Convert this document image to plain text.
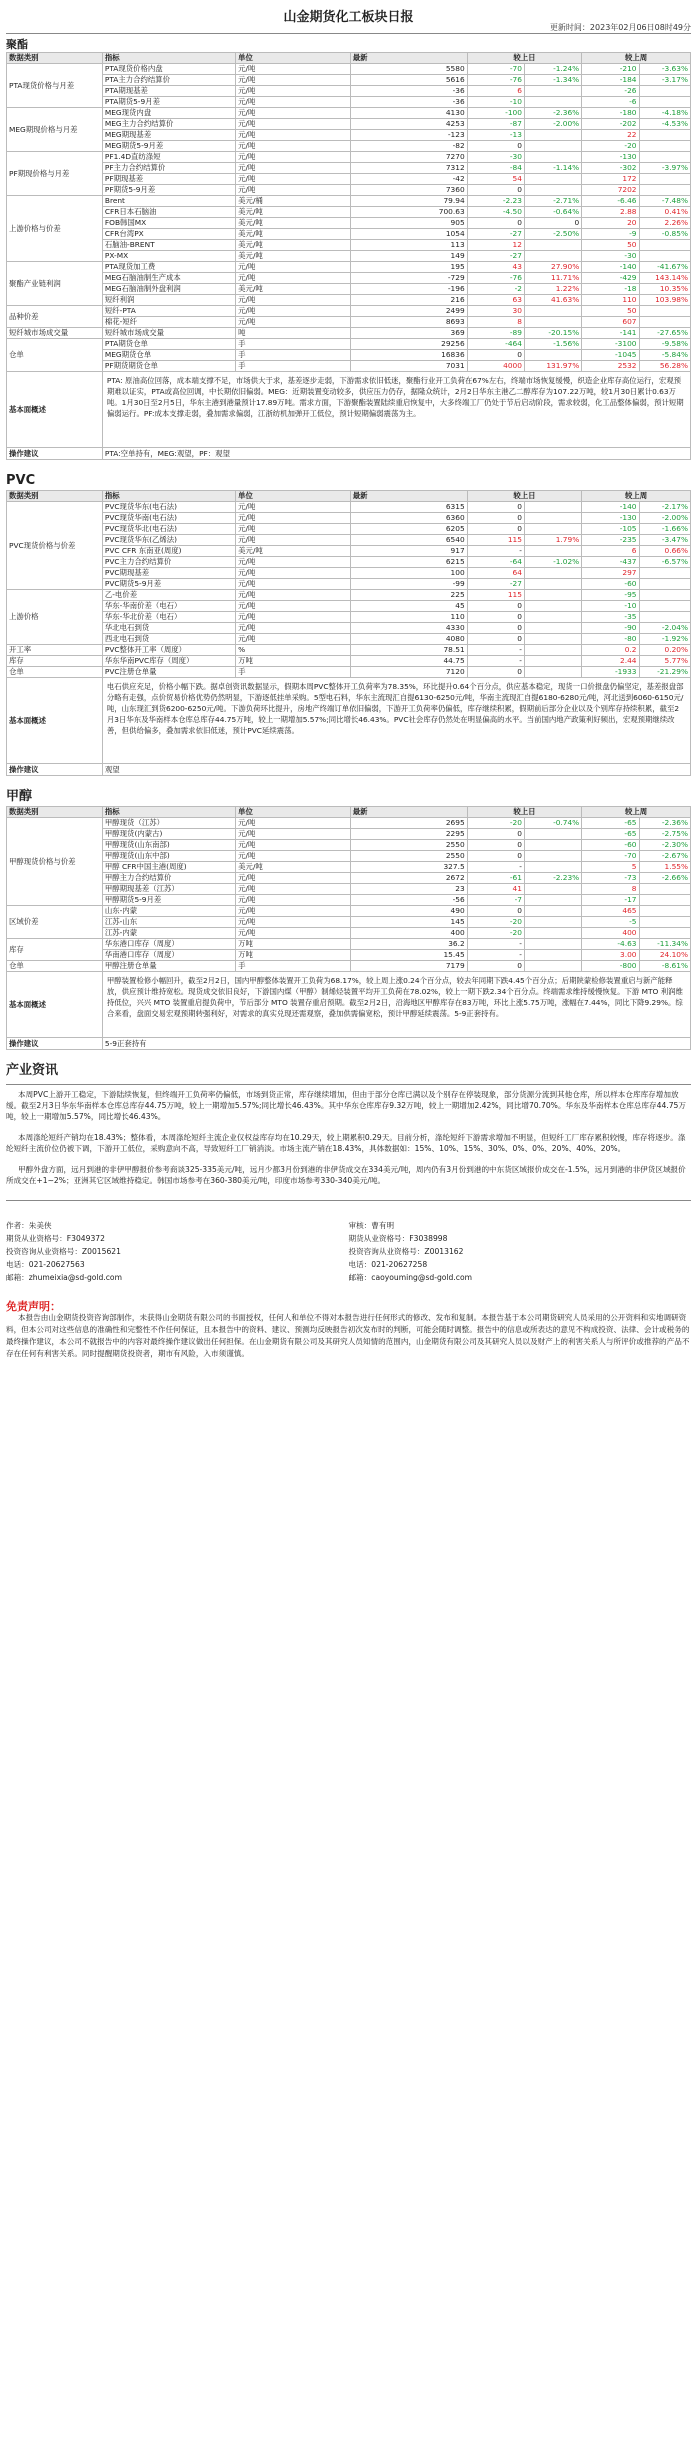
山金期货化工板块日报
更新时间：2023年02月06日08时49分
聚酯
数据类别	指标	单位	最新	较上日		较上周	
PTA现货价格与月差	PTA现货价格内盘	元/吨	5580	-70	-1.24%	-210	-3.63%
	PTA主力合约结算价	元/吨	5616	-76	-1.34%	-184	-3.17%
	PTA期现基差	元/吨	-36	6		-26	
	PTA期货5-9月差	元/吨	-36	-10		-6	
MEG期现价格与月差	MEG现货内盘	元/吨	4130	-100	-2.36%	-180	-4.18%
	MEG主力合约结算价	元/吨	4253	-87	-2.00%	-202	-4.53%
	MEG期现基差	元/吨	-123	-13		22	
	MEG期货5-9月差	元/吨	-82	0		-20	
PF期现价格与月差	PF1.4D直纺涤短	元/吨	7270	-30		-130	
	PF主力合约结算价	元/吨	7312	-84	-1.14%	-302	-3.97%
	PF期现基差	元/吨	-42	54		172	
	PF期货5-9月差	元/吨	7360	0		7202	
上游价格与价差	Brent	美元/桶	79.94	-2.23	-2.71%	-6.46	-7.48%
	CFR日本石脑油	美元/吨	700.63	-4.50	-0.64%	2.88	0.41%
	FOB韩国MX	美元/吨	905	0	0	20	2.26%
	CFR台湾PX	美元/吨	1054	-27	-2.50%	-9	-0.85%
	石脑油-BRENT	美元/吨	113	12		50	
	PX-MX	美元/吨	149	-27		-30	
聚酯产业链利润	PTA现货加工费	元/吨	195	43	27.90%	-140	-41.67%
	MEG石脑油制生产成本	元/吨	-729	-76	11.71%	-429	143.14%
	MEG石脑油制外盘利润	美元/吨	-196	-2	1.22%	-18	10.35%
	短纤利润	元/吨	216	63	41.63%	110	103.98%
品种价差	短纤-PTA	元/吨	2499	30		50	
	棉花-短纤	元/吨	8693	8		607	
短纤城市场成交量	短纤城市场成交量	吨	369	-89	-20.15%	-141	-27.65%
仓单	PTA期货仓单	手	29256	-464	-1.56%	-3100	-9.58%
	MEG期货仓单	手	16836	0		-1045	-5.84%
	PF期货期货仓单	手	7031	4000	131.97%	2532	56.28%
基本面概述	PTA: 原油高位回落，成本端支撑不足，市场供大于求，基差逐步走弱，下游需求依旧低迷，聚酯行业开工负荷在67%左右，终端市场恢复缓慢，织造企业库存高位运行，宏观预期难以证实，PTA或高位回调，中长期依旧偏弱。MEG：近期装置变动较多，供应压力仍存，据隆众统计，2月2日华东主港乙二醇库存为107.22万吨，较1月30日累计0.63万吨。1月30日至2月5日，华东主港到港量预计17.89万吨。需求方面，下游聚酯装置陆续重启恢复中，大多终端工厂仍处于节后启动阶段，需求较弱，化工品整体偏弱，预计短期偏弱运行。PF:成本支撑走弱，叠加需求偏弱，江浙纺机加弹开工低位，预计短期偏弱震荡为主。						
操作建议	PTA:空单持有，MEG:观望，PF：观望						
PVC
数据类别	指标	单位	最新	较上日		较上周	
PVC现货价格与价差	PVC现货华东(电石法)	元/吨	6315	0		-140	-2.17%
	PVC现货华南(电石法)	元/吨	6360	0		-130	-2.00%
	PVC现货华北(电石法)	元/吨	6205	0		-105	-1.66%
	PVC现货华东(乙烯法)	元/吨	6540	115	1.79%	-235	-3.47%
	PVC CFR 东南亚(周度)	美元/吨	917	-		6	0.66%
	PVC主力合约结算价	元/吨	6215	-64	-1.02%	-437	-6.57%
	PVC期现基差	元/吨	100	64		297	
	PVC期货5-9月差	元/吨	-99	-27		-60	
上游价格	乙-电价差	元/吨	225	115		-95	
	华东-华南价差（电石）	元/吨	45	0		-10	
	华东-华北价差（电石）	元/吨	110	0		-35	
	华北电石到货	元/吨	4330	0		-90	-2.04%
	西北电石到货	元/吨	4080	0		-80	-1.92%
开工率	PVC整体开工率（周度）	%	78.51	-		0.2	0.20%
库存	华东华南PVC库存（周度）	万吨	44.75	-		2.44	5.77%
仓单	PVC注册仓单量	手	7120	0		-1933	-21.29%
基本面概述	电石供应充足，价格小幅下跌。据卓创资讯数据显示，假期本周PVC整体开工负荷率为78.35%，环比提升0.64个百分点，供应基本稳定，现货一口价报盘仍偏坚定，基差报盘部分略有走强，点价贸易价格优势仍然明显，下游逐低挂单采购。5型电石料，华东主流现汇自提6130-6250元/吨，华南主流现汇自提6180-6280元/吨，河北送到6060-6150元/吨，山东现汇到货6200-6250元/吨。下游负荷环比提升，房地产终端订单依旧偏弱，下游开工负荷率仍偏低，库存继续积累，假期前后部分企业以及个别库存持续积累，截至2月3日华东及华南样本仓库总库存44.75万吨，较上一期增加5.57%;同比增长46.43%。PVC社会库存仍然处在明显偏高的水平。当前国内地产政策利好频出，宏观预期继续改善，但供给偏多，叠加需求依旧低迷，预计PVC延续震荡。						
操作建议	观望						
甲醇
数据类别	指标	单位	最新	较上日		较上周	
甲醇现货价格与价差	甲醇现货（江苏）	元/吨	2695	-20	-0.74%	-65	-2.36%
	甲醇现货(内蒙古)	元/吨	2295	0		-65	-2.75%
	甲醇现货(山东南部)	元/吨	2550	0		-60	-2.30%
	甲醇现货(山东中部)	元/吨	2550	0		-70	-2.67%
	甲醇 CFR中国主港(周度)	美元/吨	327.5	-		5	1.55%
	甲醇主力合约结算价	元/吨	2672	-61	-2.23%	-73	-2.66%
	甲醇期现基差（江苏）	元/吨	23	41		8	
	甲醇期货5-9月差	元/吨	-56	-7		-17	
区域价差	山东-内蒙	元/吨	490	0		465	
	江苏-山东	元/吨	145	-20		-5	
	江苏-内蒙	元/吨	400	-20		400	
库存	华东港口库存（周度）	万吨	36.2	-		-4.63	-11.34%
	华南港口库存（周度）	万吨	15.45	-		3.00	24.10%
仓单	甲醇注册仓单量	手	7179	0		-800	-8.61%
基本面概述	甲醇装置检修小幅回升，截至2月2日，国内甲醇整体装置开工负荷为68.17%，较上周上涨0.24个百分点，较去年同期下跌4.45个百分点；后期陕蒙检修装置重启与新产能释放，供应预计维持宽松。现货成交依旧良好，下游国内煤（甲醇）制烯烃装置平均开工负荷在78.02%，较上一期下跌2.34个百分点。终端需求维持缓慢恢复。下游 MTO 利润维持低位，兴兴 MTO 装置重启提负荷中，节后部分 MTO 装置存重启预期。截至2月2日，沿海地区甲醇库存在83万吨，环比上涨5.75万吨，涨幅在7.44%，同比下降9.29%。综合来看，盘面交易宏观预期转强利好，对需求的真实兑现还需观察，叠加供需偏宽松，预计甲醇延续震荡。5-9正套持有。						
操作建议	5-9正套持有						
产业资讯

本周PVC上游开工稳定，下游陆续恢复，但终端开工负荷率仍偏低，市场到货正常，库存继续增加，但由于部分仓库已满以及个别存在停装现象，部分货源分流到其他仓库，所以样本仓库库存增加放缓。截至2月3日华东华南样本仓库总库存44.75万吨，较上一期增加5.57%;同比增长46.43%。其中华东仓库库存9.32万吨，较上一期增加2.42%，同比增70.70%。华东及华南样本仓库总库存44.75万吨，较上一期增加5.57%，同比增长46.43%。

本周涤纶短纤产销均在18.43%；整体看，本周涤纶短纤主流企业仅权益库存均在10.29天，较上期累积0.29天。目前分析，涤纶短纤下游需求增加不明显，但短纤工厂库存累积较慢，库存将逐步。涤纶短纤主流价位仍被下调，下游开工低位，采购意向不高，导致短纤工厂销消淡。市场主流产销在18.43%，具体数据如：15%、10%、15%、30%、0%、0%、20%、40%、20%。

甲醇外盘方面，远月到港的非伊甲醇报价参考商谈325-335美元/吨，远月少都3月份到港的非伊货成交在334美元/吨，周内仍有3月份到港的中东货区域报价成交在-1.5%，远月到港的非伊货区域报价所成交在+1~2%；亚洲其它区域维持稳定。韩国市场参考在360-380美元/吨，印度市场参考330-340美元/吨。

作者：朱美侠
期货从业资格号：F3049372
投资咨询从业资格号：Z0015621
电话：021-20627563
邮箱：zhumeixia@sd-gold.com
审核：曹有明
期货从业资格号：F3038998
投资咨询从业资格号：Z0013162
电话：021-20627258
邮箱：caoyouming@sd-gold.com
免责声明：
本报告由山金期货投资咨询部制作，未获得山金期货有限公司的书面授权，任何人和单位不得对本报告进行任何形式的修改、发布和复制。本报告基于本公司期货研究人员采用的公开资料和实地调研资料，但本公司对这些信息的准确性和完整性不作任何保证，且本报告中的资料、建议、预测均反映报告初次发布时的判断，可能会随时调整。报告中的信息或所表达的意见不构成投资、法律、会计或税务的最终操作建议，本公司不就报告中的内容对最终操作建议做出任何担保。在山金期货有限公司及其研究人员知情的范围内，山金期货有限公司及其研究人员以及财产上的利害关系人与所评价或推荐的产品不存在任何有利害关系。同时提醒期货投资者，期市有风险，入市须谨慎。
